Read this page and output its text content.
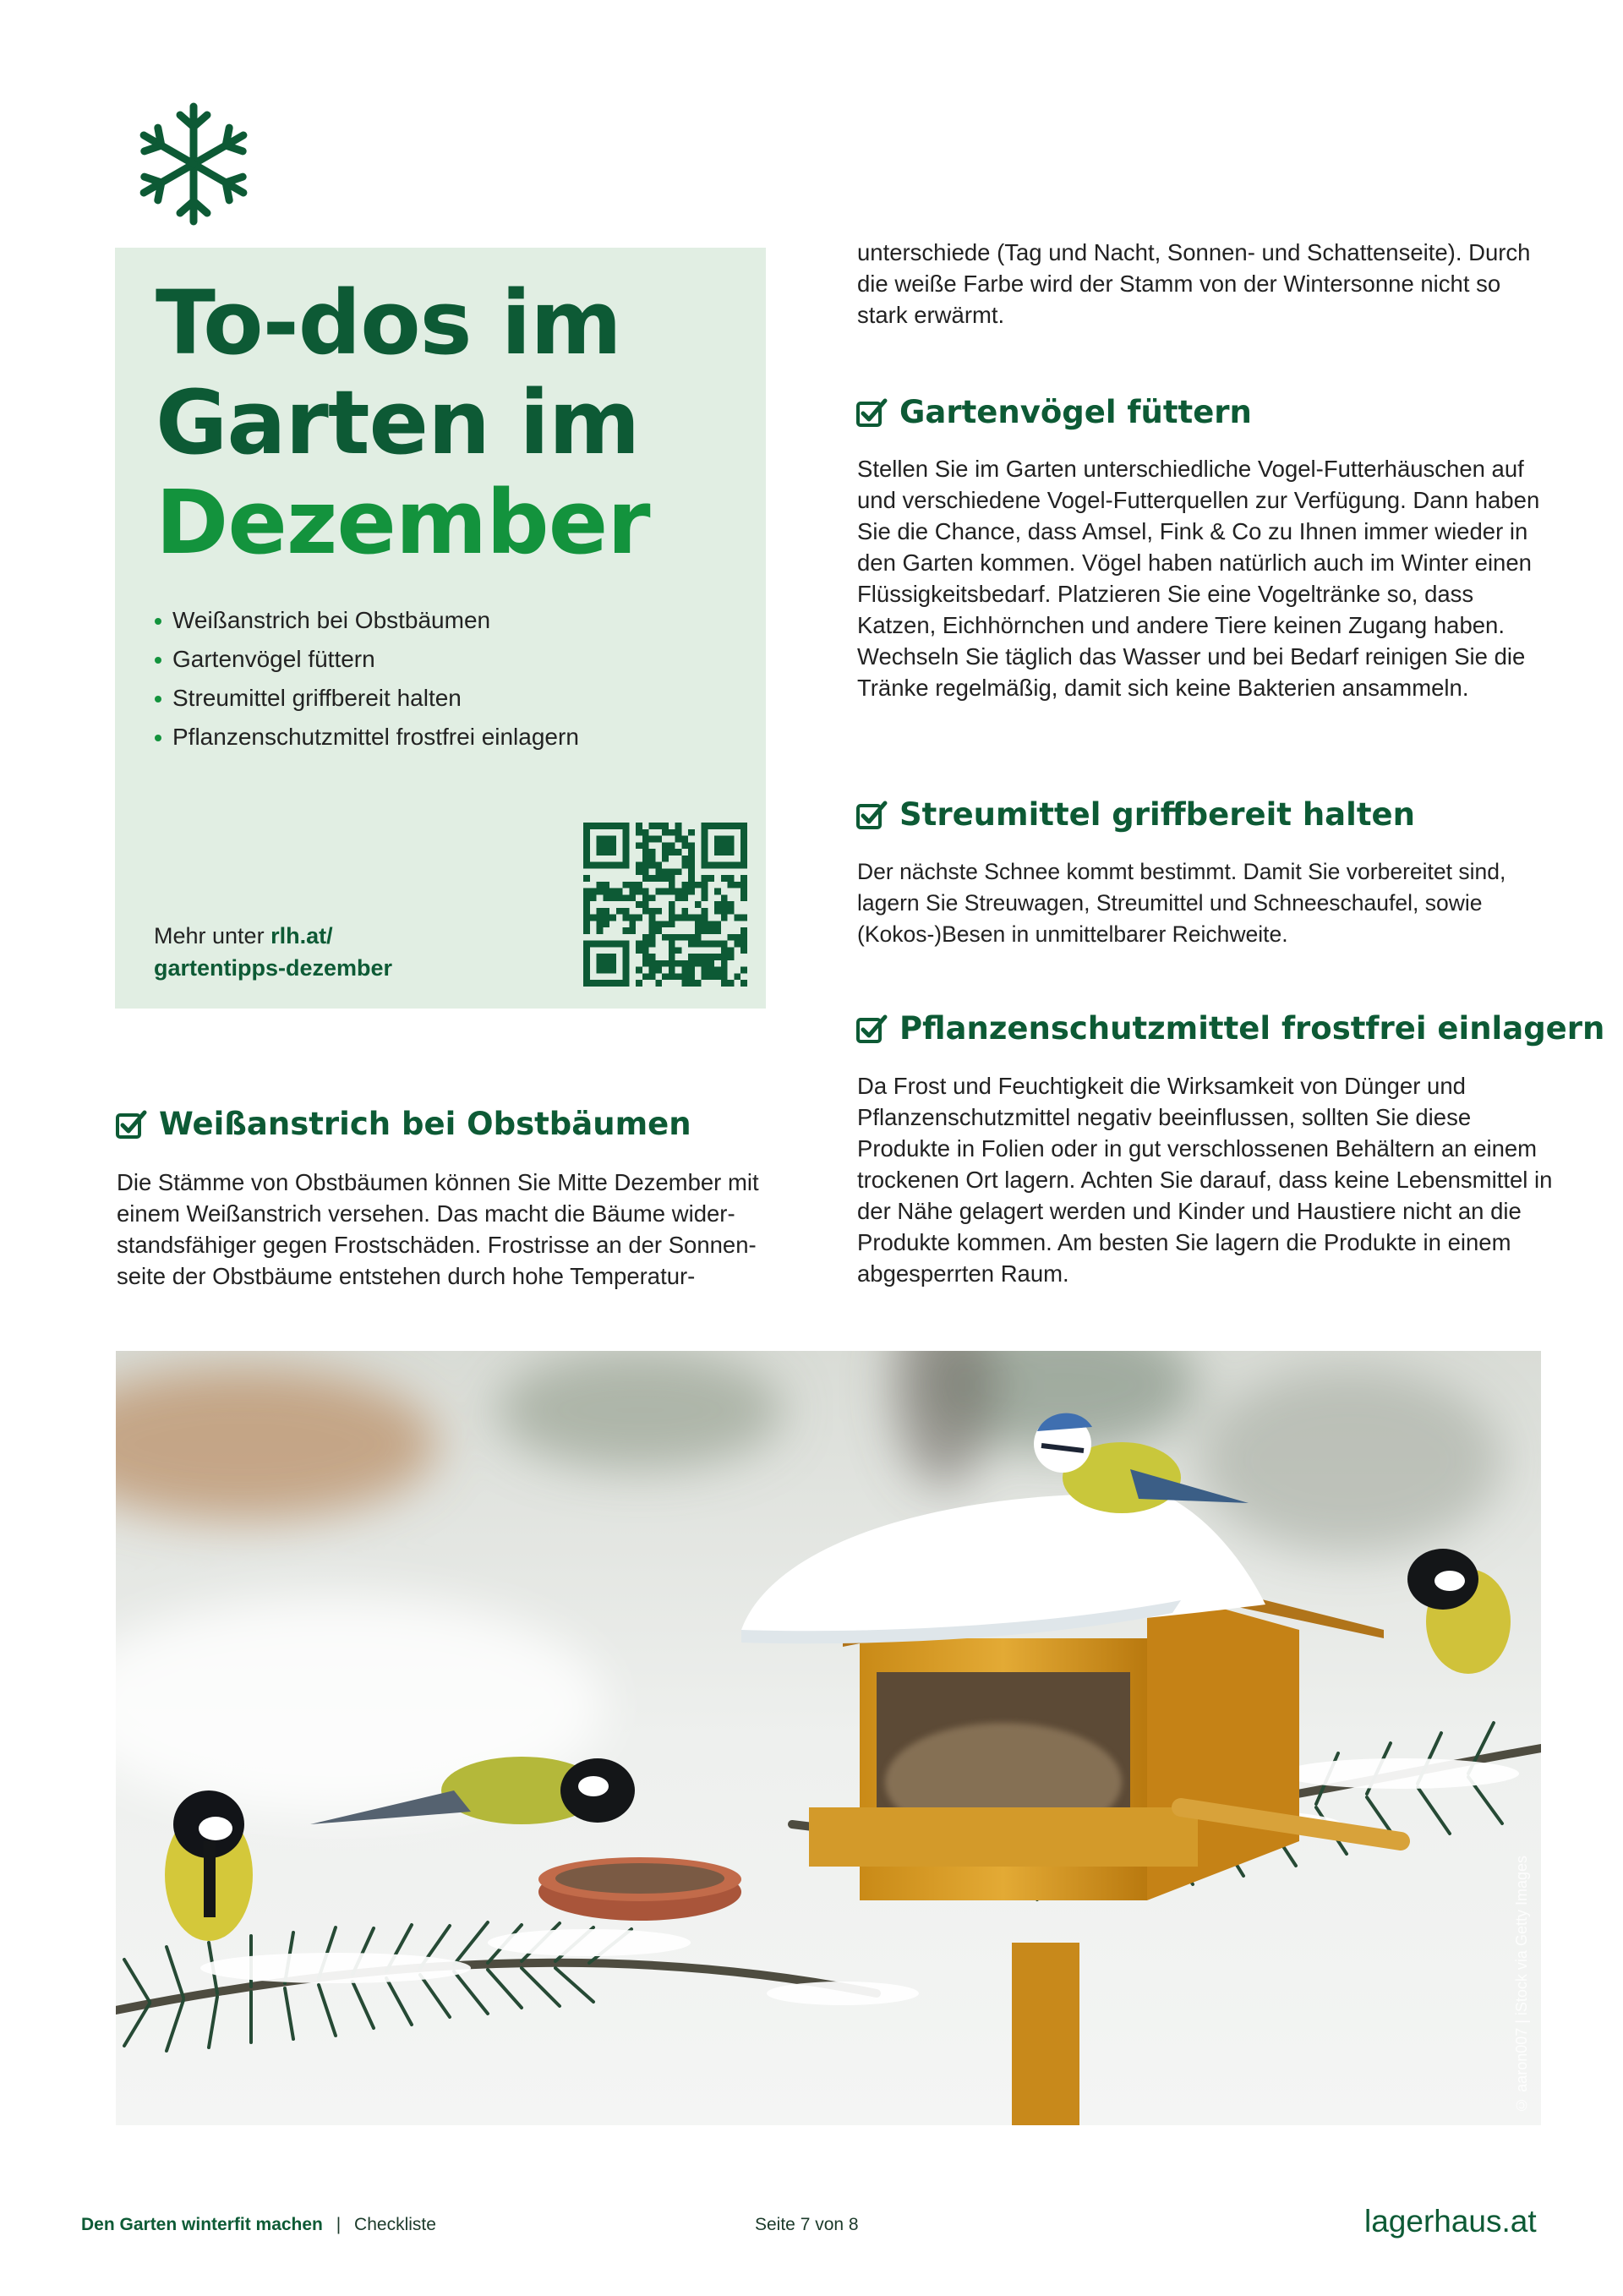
To-dos im
Garten im
Dezember
Weißanstrich bei Obstbäumen
Gartenvögel füttern
Streumittel griffbereit halten
Pflanzenschutzmittel frostfrei einlagern
Mehr unter rlh.at/
gartentipps-dezember
Weißanstrich bei Obstbäumen

Die Stämme von Obstbäumen können Sie Mitte Dezember mit einem Weißanstrich versehen. Das macht die Bäume widerstandsfähiger gegen Frostschäden. Frostrisse an der Sonnenseite der Obstbäume entstehen durch hohe Temperatur-

unterschiede (Tag und Nacht, Sonnen- und Schattenseite). Durch die weiße Farbe wird der Stamm von der Wintersonne nicht so stark erwärmt.

Gartenvögel füttern

Stellen Sie im Garten unterschiedliche Vogel-Futterhäuschen auf und verschiedene Vogel-Futterquellen zur Verfügung. Dann haben Sie die Chance, dass Amsel, Fink & Co zu Ihnen immer wieder in den Garten kommen. Vögel haben natürlich auch im Winter einen Flüssigkeitsbedarf. Platzieren Sie eine Vogeltränke so, dass Katzen, Eichhörnchen und andere Tiere keinen Zugang haben. Wechseln Sie täglich das Wasser und bei Bedarf reinigen Sie die Tränke regelmäßig, damit sich keine Bakterien ansammeln.

Streumittel griffbereit halten

Der nächste Schnee kommt bestimmt. Damit Sie vorbereitet sind, lagern Sie Streuwagen, Streumittel und Schneeschaufel, sowie (Kokos-)Besen in unmittelbarer Reichweite.

Pflanzenschutzmittel frostfrei einlagern

Da Frost und Feuchtigkeit die Wirksamkeit von Dünger und Pflanzenschutzmittel negativ beeinflussen, sollten Sie diese Produkte in Folien oder in gut verschlossenen Behältern an einem trockenen Ort lagern. Achten Sie darauf, dass keine Lebensmittel in der Nähe gelagert werden und Kinder und Haustiere nicht an die Produkte kommen. Am besten Sie lagern die Produkte in einem abgesperrten Raum.

© aaron007 | iStock via Getty Images
Den Garten winterfit machen | Checkliste	Seite 7 von 8	lagerhaus.at
